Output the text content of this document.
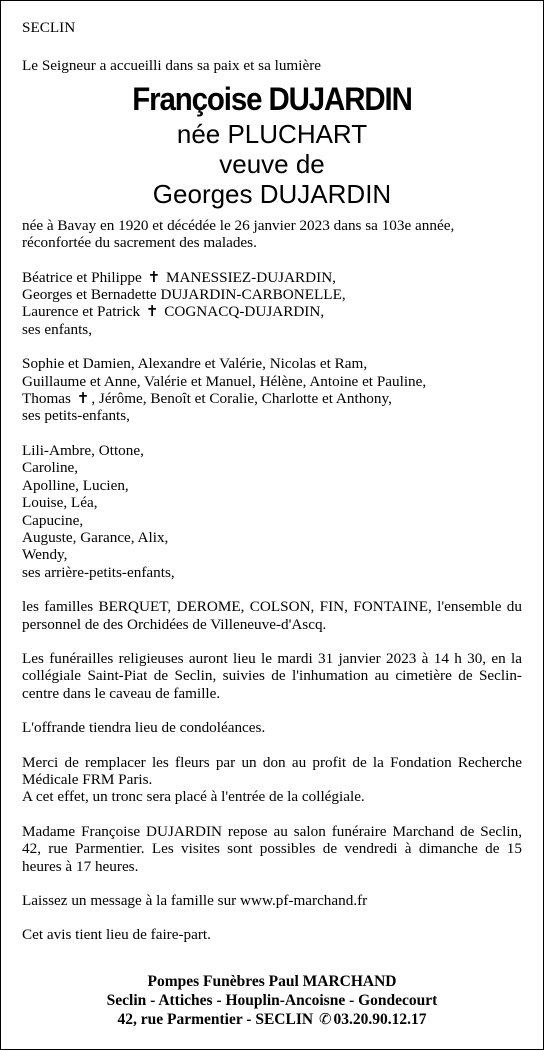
SECLIN

Le Seigneur a accueilli dans sa paix et sa lumière

Françoise DUJARDIN
née PLUCHART
veuve de
Georges DUJARDIN

née à Bavay en 1920 et décédée le 26 janvier 2023 dans sa 103e année, réconfortée du sacrement des malades.

Béatrice et Philippe ✝ MANESSIEZ-DUJARDIN,

Georges et Bernadette DUJARDIN-CARBONELLE,

Laurence et Patrick ✝ COGNACQ-DUJARDIN,

ses enfants,

Sophie et Damien, Alexandre et Valérie, Nicolas et Ram,

Guillaume et Anne, Valérie et Manuel, Hélène, Antoine et Pauline,

Thomas ✝ , Jérôme, Benoît et Coralie, Charlotte et Anthony,

ses petits-enfants,

Lili-Ambre, Ottone,

Caroline,

Apolline, Lucien,

Louise, Léa,

Capucine,

Auguste, Garance, Alix,

Wendy,

ses arrière-petits-enfants,

les familles BERQUET, DEROME, COLSON, FIN, FONTAINE, l'ensemble du personnel de des Orchidées de Villeneuve-d'Ascq.

Les funérailles religieuses auront lieu le mardi 31 janvier 2023 à 14 h 30, en la collégiale Saint-Piat de Seclin, suivies de l'inhumation au cimetière de Seclin-centre dans le caveau de famille.

L'offrande tiendra lieu de condoléances.

Merci de remplacer les fleurs par un don au profit de la Fondation Recherche Médicale FRM Paris.

A cet effet, un tronc sera placé à l'entrée de la collégiale.

Madame Françoise DUJARDIN repose au salon funéraire Marchand de Seclin, 42, rue Parmentier. Les visites sont possibles de vendredi à dimanche de 15 heures à 17 heures.

Laissez un message à la famille sur www.pf-marchand.fr

Cet avis tient lieu de faire-part.

Pompes Funèbres Paul MARCHAND
Seclin - Attiches - Houplin-Ancoisne - Gondecourt
42, rue Parmentier - SECLIN ✆ 03.20.90.12.17
